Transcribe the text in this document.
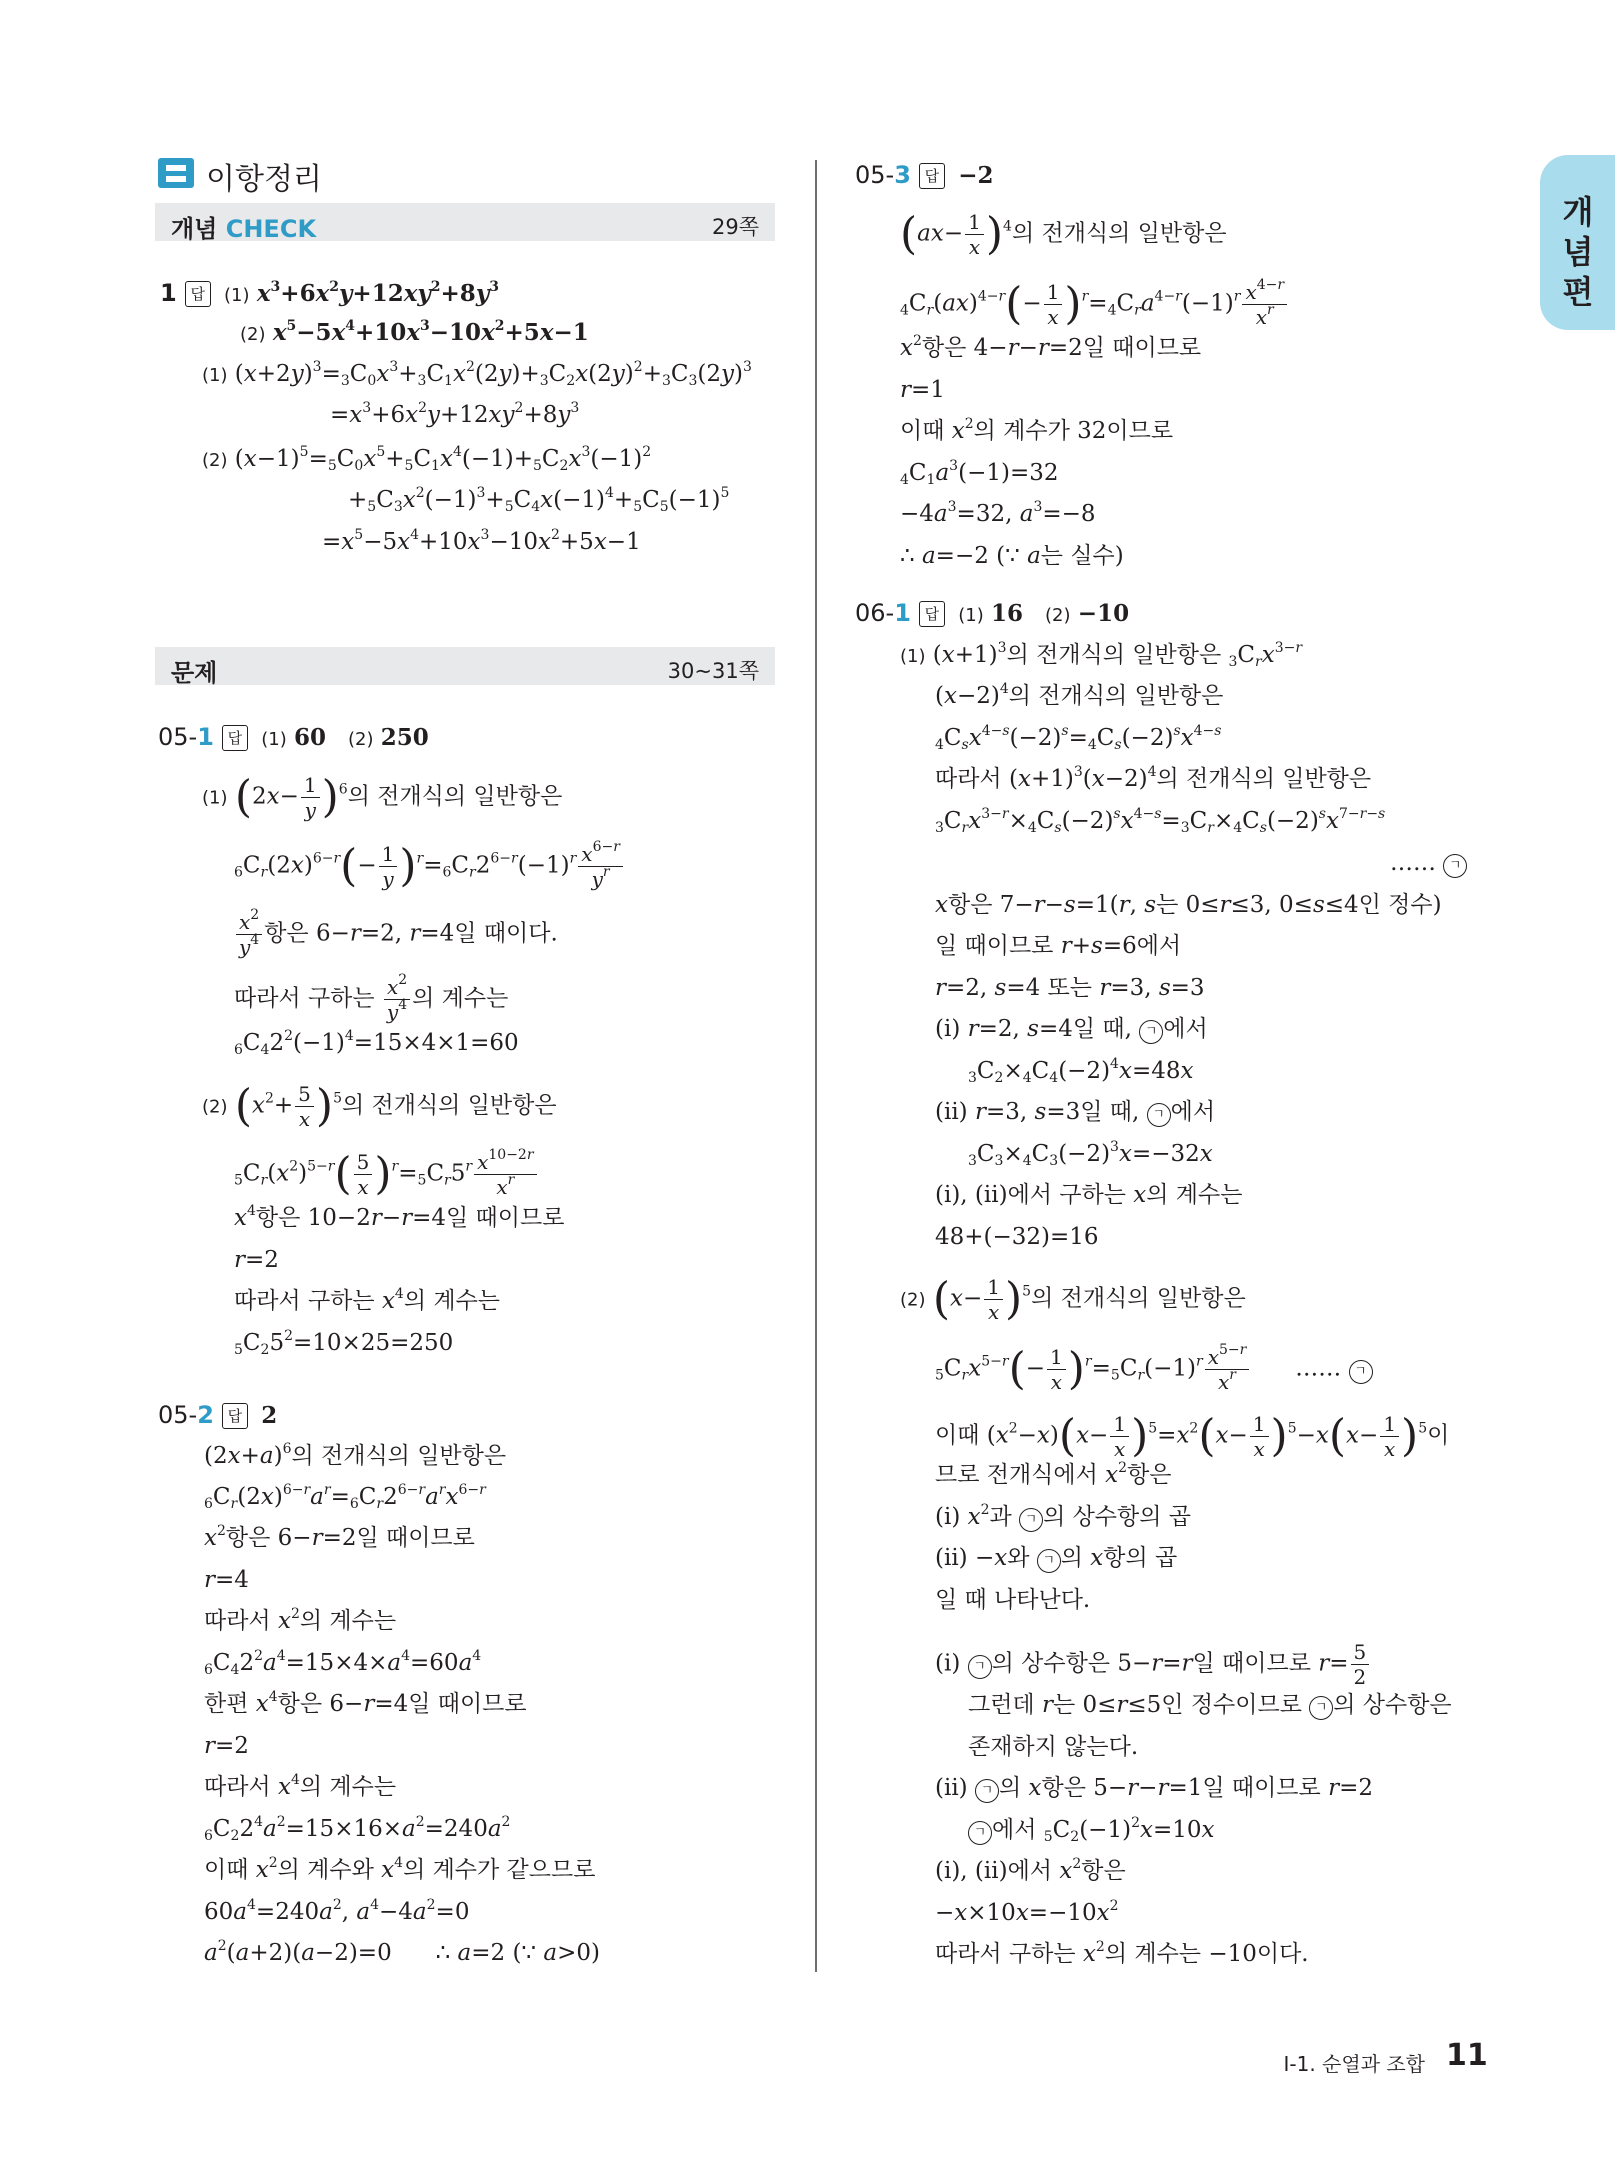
이항정리
개
념
편
개념 CHECK	29쪽
문제	30∼31쪽
1 답 (1) $x^3+6x^2y+12xy^2+8y^3$
(2) $x^5-5x^4+10x^3-10x^2+5x-1$
(1) $(x+2y)^3=_3C_0x^3+_3C_1x^2(2y)+_3C_2x(2y)^2+_3C_3(2y)^3$
$=x^3+6x^2y+12xy^2+8y^3$
(2) $(x-1)^5=_5C_0x^5+_5C_1x^4(-1)+_5C_2x^3(-1)^2$
$+_5C_3x^2(-1)^3+_5C_4x(-1)^4+_5C_5(-1)^5$
$=x^5-5x^4+10x^3-10x^2+5x-1$
05-1 답 (1) 60 (2) 250
(1) $(2x- \frac{1}{y} )^6$의 전개식의 일반항은
$_6C_r(2x)^{6-r}(- \frac{1}{y} )^r=_6C_r2^{6-r}(-1)^r \frac{x^{6-r}}{y^r}$
$\frac{x^2}{y^4}$ 항은 6−r=2, r=4일 때이다.
따라서 구하는 $\frac{x^2}{y^4}$ 의 계수는
$_6C_42^2(-1)^4=15\times 4\times 1=60$
(2) $(x^2+ \frac{5}{x} )^5$의 전개식의 일반항은
$_5C_r(x^2)^{5-r}( \frac{5}{x} )^r=_5C_r5^r \frac{x^{10-2r}}{x^r}$
$x^4$항은 10−2r−r=4일 때이므로
r=2
따라서 구하는 $x^4$의 계수는
$_5C_25^2=10\times 25=250$
05-2 답 2
$(2x+a)^6$의 전개식의 일반항은
$_6C_r(2x)^{6-r}a^r=_6C_r2^{6-r}a^rx^{6-r}$
$x^2$항은 6−r=2일 때이므로
r=4
따라서 $x^2$의 계수는
$_6C_42^2a^4=15\times 4\times a^4=60a^4$
한편 $x^4$항은 6−r=4일 때이므로
r=2
따라서 $x^4$의 계수는
$_6C_22^4a^2=15\times 16\times a^2=240a^2$
이때 $x^2$의 계수와 $x^4$의 계수가 같으므로
$60a^4=240a^2$, $a^4-4a^2=0$
$a^2(a+2)(a-2)=0$      ∴ a=2 (∵ a>0)
05-3 답 −2
$(ax- \frac{1}{x} )^4$의 전개식의 일반항은
$_4C_r(ax)^{4-r}(- \frac{1}{x} )^r=_4C_ra^{4-r}(-1)^r \frac{x^{4-r}}{x^r}$
$x^2$항은 4−r−r=2일 때이므로
r=1
이때 $x^2$의 계수가 32이므로
$_4C_1a^3(-1)=32$
$-4a^3=32$, $a^3=-8$
∴ a=−2 (∵ a는 실수)
06-1 답 (1) 16 (2) −10
(1) $(x+1)^3$의 전개식의 일반항은 $_3C_rx^{3-r}$
$(x-2)^4$의 전개식의 일반항은
$_4C_sx^{4-s}(-2)^s=_4C_s(-2)^sx^{4-s}$
따라서 $(x+1)^3(x-2)^4$의 전개식의 일반항은
$_3C_rx^{3-r}\times_4C_s(-2)^sx^{4-s}=_3C_r\times_4C_s(-2)^sx^{7-r-s}$
…… ㄱ
x항은 7−r−s=1(r, s는 0≤r≤3, 0≤s≤4인 정수)
일 때이므로 r+s=6에서
r=2, s=4 또는 r=3, s=3
(ⅰ) r=2, s=4일 때, ㄱ 에서
$_3C_2\times_4C_4(-2)^4x=48x$
(ⅱ) r=3, s=3일 때, ㄱ 에서
$_3C_3\times_4C_3(-2)^3x=-32x$
(ⅰ), (ⅱ)에서 구하는 x의 계수는
48+(−32)=16
(2) $(x- \frac{1}{x} )^5$의 전개식의 일반항은
$_5C_rx^{5-r}(- \frac{1}{x} )^r=_5C_r(-1)^r \frac{x^{5-r}}{x^r}$ …… ㄱ
이때 $(x^2-x)(x- \frac{1}{x} )^5=x^2(x- \frac{1}{x} )^5-x(x- \frac{1}{x} )^5$이
므로 전개식에서 $x^2$항은
(ⅰ) $x^2$과 ㄱ 의 상수항의 곱
(ⅱ) −x와 ㄱ 의 x항의 곱
일 때 나타난다.
(ⅰ) ㄱ 의 상수항은 5−r=r일 때이므로 $r= \frac{5}{2}$
그런데 r는 0≤r≤5인 정수이므로 ㄱ 의 상수항은
존재하지 않는다.
(ⅱ) ㄱ 의 x항은 5−r−r=1일 때이므로 r=2
ㄱ 에서 $_5C_2(-1)^2x=10x$
(ⅰ), (ⅱ)에서 $x^2$항은
$-x\times 10x=-10x^2$
따라서 구하는 $x^2$의 계수는 −10이다.
Ⅰ-1. 순열과 조합 11
